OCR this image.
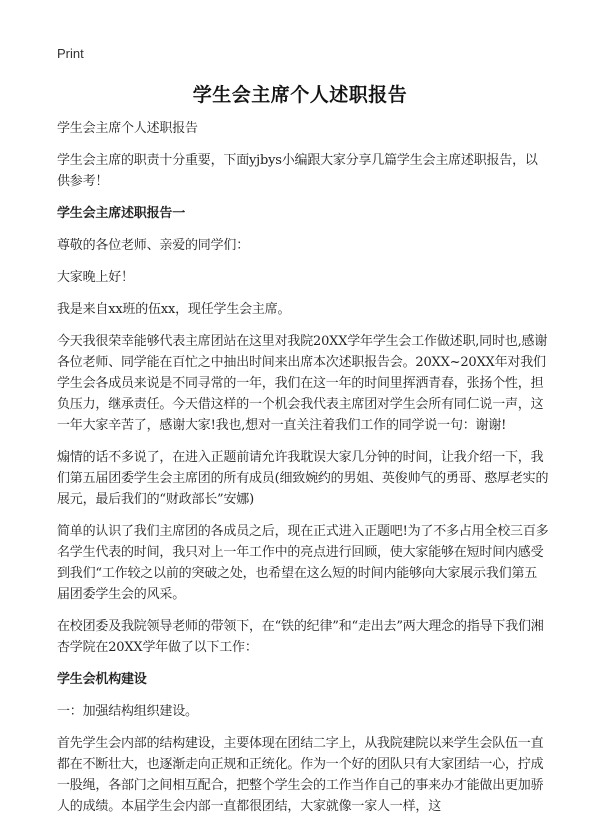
Print
学生会主席个人述职报告

学生会主席个人述职报告

学生会主席的职责十分重要，下面yjbys小编跟大家分享几篇学生会主席述职报告，以供参考！

学生会主席述职报告一

尊敬的各位老师、亲爱的同学们：

大家晚上好！

我是来自xx班的伍xx，现任学生会主席。

今天我很荣幸能够代表主席团站在这里对我院20XX学年学生会工作做述职,同时也,感谢各位老师、同学能在百忙之中抽出时间来出席本次述职报告会。20XX~20XX年对我们学生会各成员来说是不同寻常的一年，我们在这一年的时间里挥洒青春，张扬个性，担负压力，继承责任。今天借这样的一个机会我代表主席团对学生会所有同仁说一声，这一年大家辛苦了，感谢大家!我也,想对一直关注着我们工作的同学说一句：谢谢!

煽情的话不多说了，在进入正题前请允许我耽误大家几分钟的时间，让我介绍一下，我们第五届团委学生会主席团的所有成员(细致婉约的男姐、英俊帅气的勇哥、憨厚老实的展元，最后我们的“财政部长”安娜)

简单的认识了我们主席团的各成员之后，现在正式进入正题吧!为了不多占用全校三百多名学生代表的时间，我只对上一年工作中的亮点进行回顾，使大家能够在短时间内感受到我们“工作较之以前的突破之处，也希望在这么短的时间内能够向大家展示我们第五届团委学生会的风采。

在校团委及我院领导老师的带领下，在“铁的纪律”和“走出去”两大理念的指导下我们湘杏学院在20XX学年做了以下工作：

学生会机构建设

一：加强结构组织建设。

首先学生会内部的结构建设，主要体现在团结二字上，从我院建院以来学生会队伍一直都在不断壮大，也逐渐走向正规和正统化。作为一个好的团队只有大家团结一心，拧成一股绳，各部门之间相互配合，把整个学生会的工作当作自己的事来办才能做出更加骄人的成绩。本届学生会内部一直都很团结，大家就像一家人一样，这
